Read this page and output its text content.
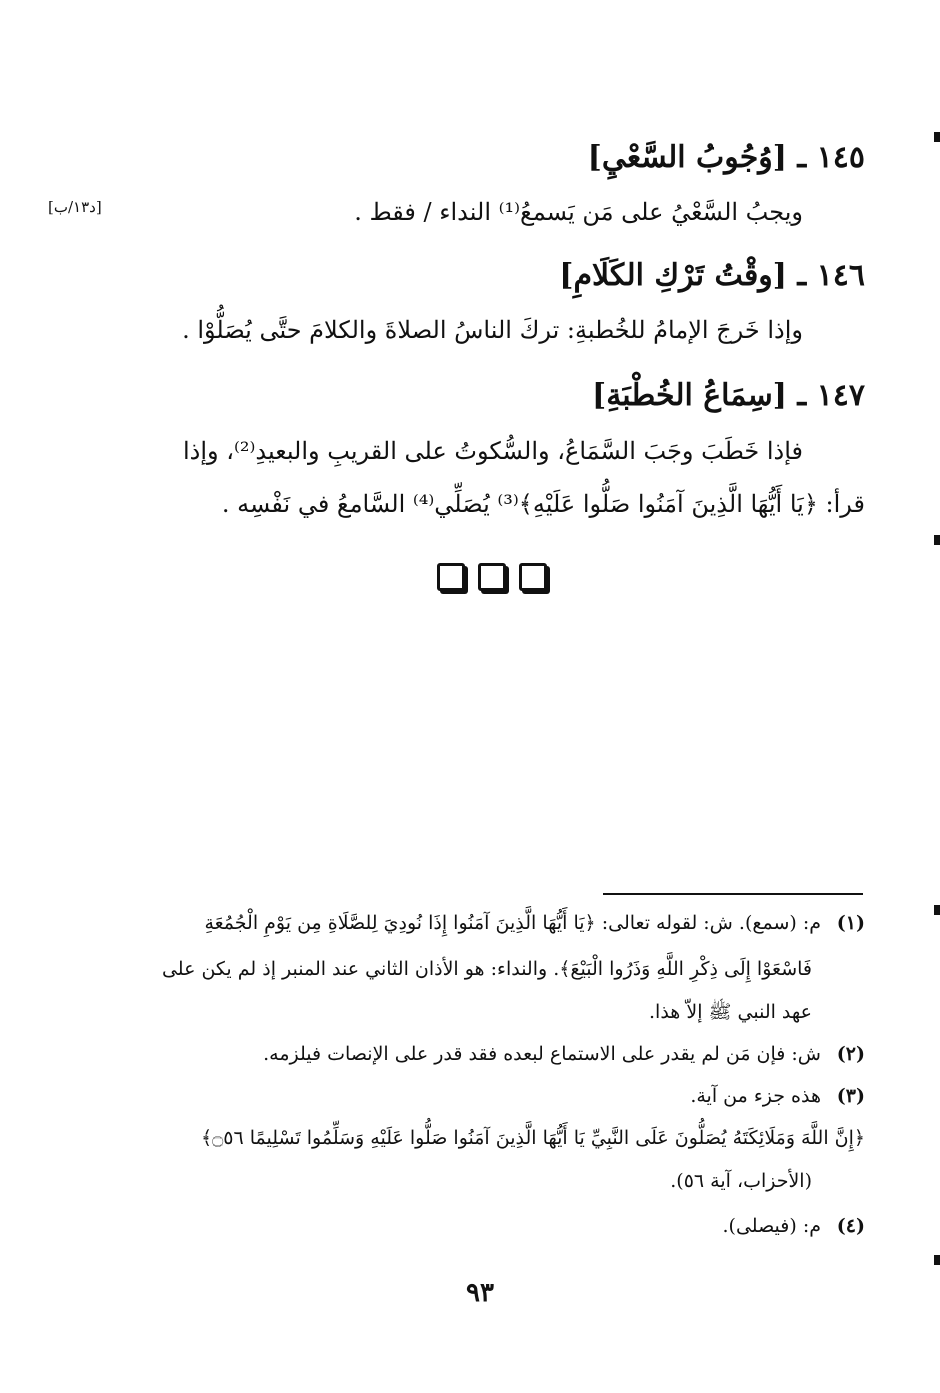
١٤٥ ـ [وُجُوبُ السَّعْيِ]
ويجبُ السَّعْيُ على مَن يَسمعُ⁽¹⁾ النداء / فقط .
[د١٣/ب]
١٤٦ ـ [وقْتُ تَرْكِ الكَلَامِ]
وإذا خَرجَ الإمامُ للخُطبةِ: تركَ الناسُ الصلاةَ والكلامَ حتَّى يُصَلُّوْا .
١٤٧ ـ [سِمَاعُ الخُطْبَةِ]
فإذا خَطَبَ وجَبَ السَّمَاعُ، والسُّكوتُ على القريبِ والبعيدِ⁽²⁾، وإذا
قرأ: ﴿يَا أَيُّهَا الَّذِينَ آمَنُوا صَلُّوا عَلَيْهِ﴾⁽³⁾ يُصَلِّي⁽⁴⁾ السَّامعُ في نَفْسِه .
(١)م: (سمع). ش: لقوله تعالى: ﴿يَا أَيُّهَا الَّذِينَ آمَنُوا إِذَا نُودِيَ لِلصَّلَاةِ مِن يَوْمِ الْجُمُعَةِ
فَاسْعَوْا إِلَى ذِكْرِ اللَّهِ وَذَرُوا الْبَيْعَ﴾. والنداء: هو الأذان الثاني عند المنبر إذ لم يكن على
عهد النبي ﷺ إلاّ هذا.
(٢)ش: فإن مَن لم يقدر على الاستماع لبعده فقد قدر على الإنصات فيلزمه.
(٣)هذه جزء من آية.
﴿إِنَّ اللَّهَ وَمَلَائِكَتَهُ يُصَلُّونَ عَلَى النَّبِيِّ يَا أَيُّهَا الَّذِينَ آمَنُوا صَلُّوا عَلَيْهِ وَسَلِّمُوا تَسْلِيمًا ۝٥٦﴾
(الأحزاب، آية ٥٦).
(٤)م: (فيصلى).
٩٣
